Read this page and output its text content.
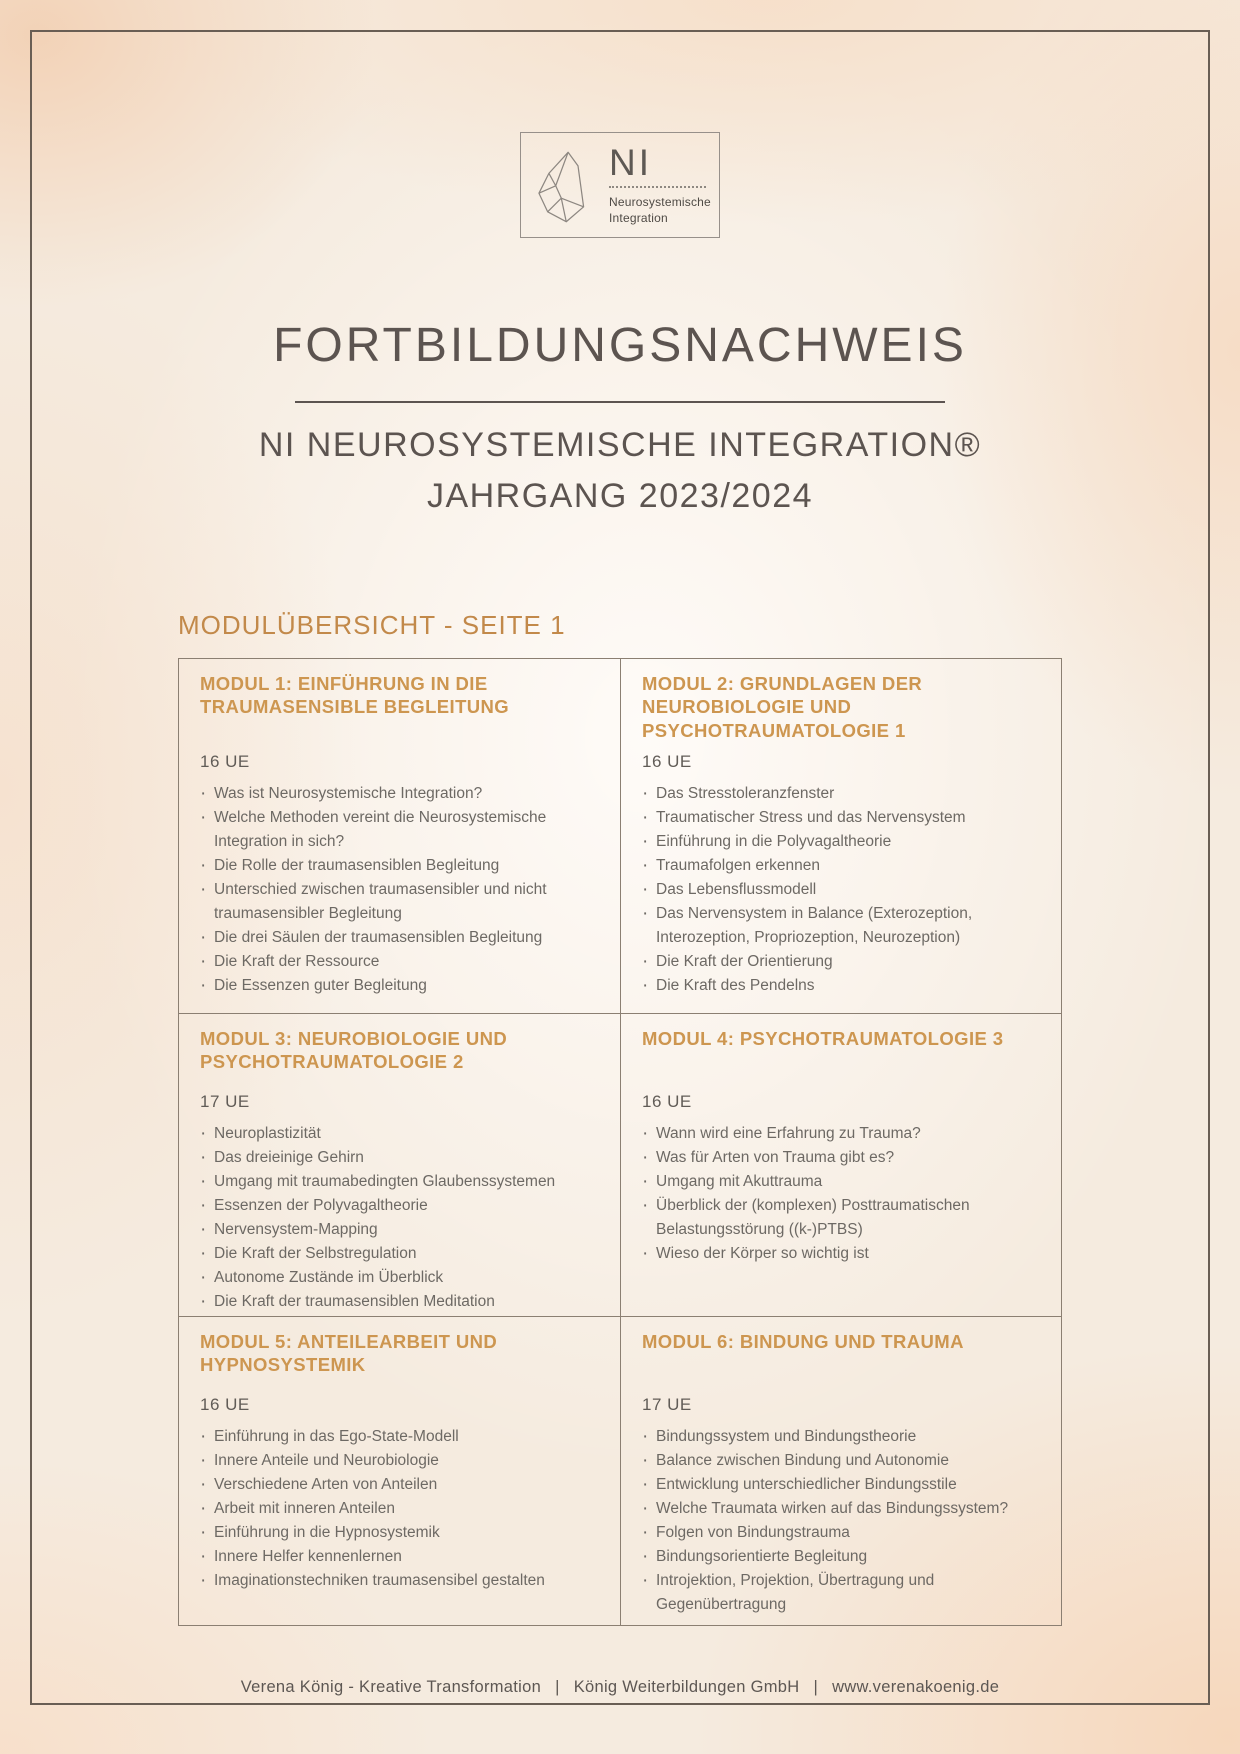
NI
Neurosystemische
Integration
FORTBILDUNGSNACHWEIS
NI NEUROSYSTEMISCHE INTEGRATION®
JAHRGANG 2023/2024
MODULÜBERSICHT - SEITE 1
MODUL 1: EINFÜHRUNG IN DIE TRAUMASENSIBLE BEGLEITUNG
16 UE
· Was ist Neurosystemische Integration?
· Welche Methoden vereint die Neurosystemische Integration in sich?
· Die Rolle der traumasensiblen Begleitung
· Unterschied zwischen traumasensibler und nicht traumasensibler Begleitung
· Die drei Säulen der traumasensiblen Begleitung
· Die Kraft der Ressource
· Die Essenzen guter Begleitung
MODUL 2: GRUNDLAGEN DER NEUROBIOLOGIE UND PSYCHOTRAUMATOLOGIE 1
16 UE
· Das Stresstoleranzfenster
· Traumatischer Stress und das Nervensystem
· Einführung in die Polyvagaltheorie
· Traumafolgen erkennen
· Das Lebensflussmodell
· Das Nervensystem in Balance (Exterozeption, Interozeption, Propriozeption, Neurozeption)
· Die Kraft der Orientierung
· Die Kraft des Pendelns
MODUL 3: NEUROBIOLOGIE UND PSYCHOTRAUMATOLOGIE 2
17 UE
· Neuroplastizität
· Das dreieinige Gehirn
· Umgang mit traumabedingten Glaubenssystemen
· Essenzen der Polyvagaltheorie
· Nervensystem-Mapping
· Die Kraft der Selbstregulation
· Autonome Zustände im Überblick
· Die Kraft der traumasensiblen Meditation
MODUL 4: PSYCHOTRAUMATOLOGIE 3
16 UE
· Wann wird eine Erfahrung zu Trauma?
· Was für Arten von Trauma gibt es?
· Umgang mit Akuttrauma
· Überblick der (komplexen) Posttraumatischen Belastungsstörung ((k-)PTBS)
· Wieso der Körper so wichtig ist
MODUL 5: ANTEILEARBEIT UND HYPNOSYSTEMIK
16 UE
· Einführung in das Ego-State-Modell
· Innere Anteile und Neurobiologie
· Verschiedene Arten von Anteilen
· Arbeit mit inneren Anteilen
· Einführung in die Hypnosystemik
· Innere Helfer kennenlernen
· Imaginationstechniken traumasensibel gestalten
MODUL 6: BINDUNG UND TRAUMA
17 UE
· Bindungssystem und Bindungstheorie
· Balance zwischen Bindung und Autonomie
· Entwicklung unterschiedlicher Bindungsstile
· Welche Traumata wirken auf das Bindungssystem?
· Folgen von Bindungstrauma
· Bindungsorientierte Begleitung
· Introjektion, Projektion, Übertragung und Gegenübertragung
Verena König - Kreative Transformation | König Weiterbildungen GmbH | www.verenakoenig.de
